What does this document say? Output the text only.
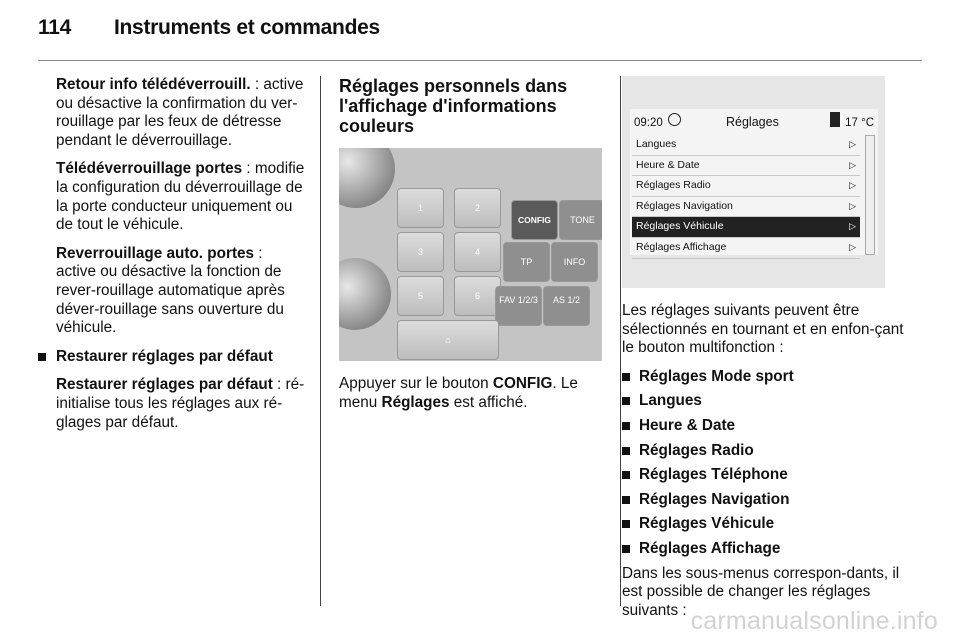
114 Instruments et commandes

Retour info télédéverrouill. : active ou désactive la confirmation du ver-rouillage par les feux de détresse pendant le déverrouillage.

Télédéverrouillage portes : modifie la configuration du déverrouillage de la porte conducteur uniquement ou de tout le véhicule.

Reverrouillage auto. portes : active ou désactive la fonction de rever-rouillage automatique après déver-rouillage sans ouverture du véhicule.

Restaurer réglages par défaut

Restaurer réglages par défaut : ré-initialise tous les réglages aux ré-glages par défaut.

Réglages personnels dans l'affichage d'informations couleurs
1	2
CONFIG	TONE
3	4
TP	INFO
5	6	FAV 1/2/3	AS 1/2
⌂

Appuyer sur le bouton CONFIG. Le menu Réglages est affiché.

09:20	Réglages	17 °C
Langues	▷
Heure & Date	▷
Réglages Radio	▷
Réglages Navigation	▷
Réglages Véhicule	▷
Réglages Affichage	▷

Les réglages suivants peuvent être sélectionnés en tournant et en enfon-çant le bouton multifonction :

Réglages Mode sport

Langues

Heure & Date

Réglages Radio

Réglages Téléphone

Réglages Navigation

Réglages Véhicule

Réglages Affichage

Dans les sous-menus correspon-dants, il est possible de changer les réglages suivants : carmanualsonline.info
